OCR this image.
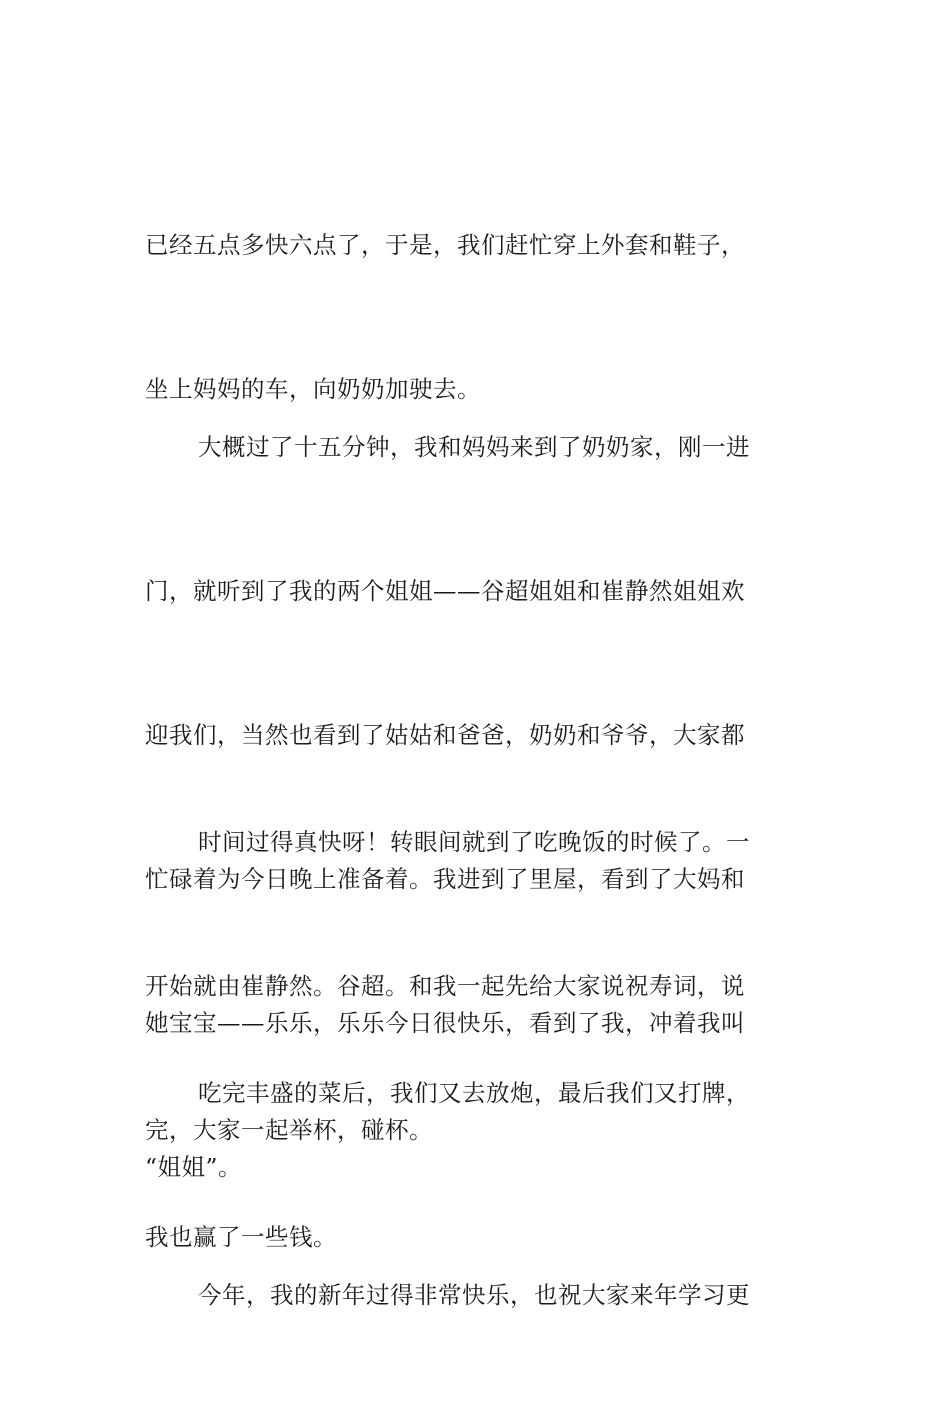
已经五点多快六点了，于是，我们赶忙穿上外套和鞋子，

坐上妈妈的车，向奶奶加驶去。

大概过了十五分钟，我和妈妈来到了奶奶家，刚一进

门，就听到了我的两个姐姐——谷超姐姐和崔静然姐姐欢

迎我们，当然也看到了姑姑和爸爸，奶奶和爷爷，大家都

忙碌着为今日晚上准备着。我进到了里屋，看到了大妈和

她宝宝——乐乐，乐乐今日很快乐，看到了我，冲着我叫

“姐姐”。

时间过得真快呀！转眼间就到了吃晚饭的时候了。一

开始就由崔静然。谷超。和我一起先给大家说祝寿词，说

完，大家一起举杯，碰杯。

吃完丰盛的菜后，我们又去放炮，最后我们又打牌，

我也赢了一些钱。

今年，我的新年过得非常快乐，也祝大家来年学习更
